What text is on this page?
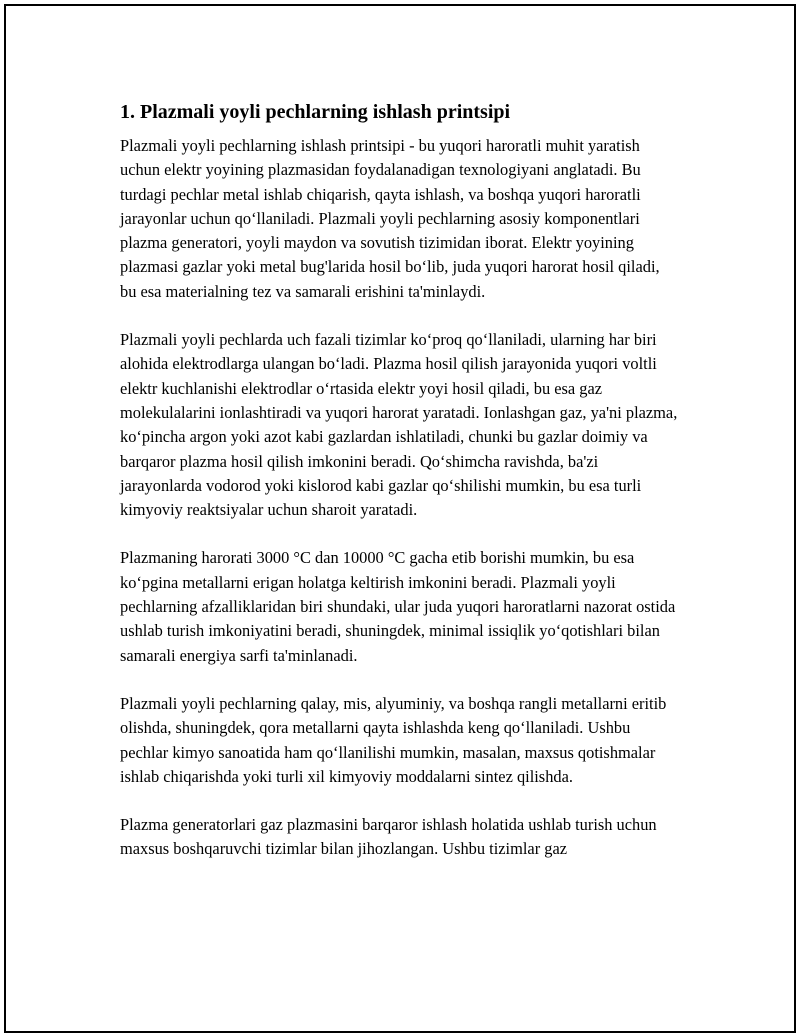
1. Plazmali yoyli pechlarning ishlash printsipi

Plazmali yoyli pechlarning ishlash printsipi - bu yuqori haroratli muhit yaratish uchun elektr yoyining plazmasidan foydalanadigan texnologiyani anglatadi. Bu turdagi pechlar metal ishlab chiqarish, qayta ishlash, va boshqa yuqori haroratli jarayonlar uchun qo‘llaniladi. Plazmali yoyli pechlarning asosiy komponentlari plazma generatori, yoyli maydon va sovutish tizimidan iborat. Elektr yoyining plazmasi gazlar yoki metal bug'larida hosil bo‘lib, juda yuqori harorat hosil qiladi, bu esa materialning tez va samarali erishini ta'minlaydi.

Plazmali yoyli pechlarda uch fazali tizimlar ko‘proq qo‘llaniladi, ularning har biri alohida elektrodlarga ulangan bo‘ladi. Plazma hosil qilish jarayonida yuqori voltli elektr kuchlanishi elektrodlar o‘rtasida elektr yoyi hosil qiladi, bu esa gaz molekulalarini ionlashtiradi va yuqori harorat yaratadi. Ionlashgan gaz, ya'ni plazma, ko‘pincha argon yoki azot kabi gazlardan ishlatiladi, chunki bu gazlar doimiy va barqaror plazma hosil qilish imkonini beradi. Qo‘shimcha ravishda, ba'zi jarayonlarda vodorod yoki kislorod kabi gazlar qo‘shilishi mumkin, bu esa turli kimyoviy reaktsiyalar uchun sharoit yaratadi.

Plazmaning harorati 3000 °C dan 10000 °C gacha etib borishi mumkin, bu esa ko‘pgina metallarni erigan holatga keltirish imkonini beradi. Plazmali yoyli pechlarning afzalliklaridan biri shundaki, ular juda yuqori haroratlarni nazorat ostida ushlab turish imkoniyatini beradi, shuningdek, minimal issiqlik yo‘qotishlari bilan samarali energiya sarfi ta'minlanadi.

Plazmali yoyli pechlarning qalay, mis, alyuminiy, va boshqa rangli metallarni eritib olishda, shuningdek, qora metallarni qayta ishlashda keng qo‘llaniladi. Ushbu pechlar kimyo sanoatida ham qo‘llanilishi mumkin, masalan, maxsus qotishmalar ishlab chiqarishda yoki turli xil kimyoviy moddalarni sintez qilishda.

Plazma generatorlari gaz plazmasini barqaror ishlash holatida ushlab turish uchun maxsus boshqaruvchi tizimlar bilan jihozlangan. Ushbu tizimlar gaz
